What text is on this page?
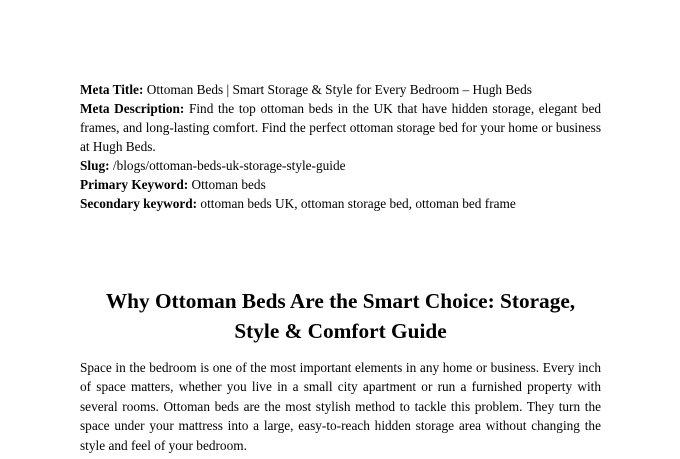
Meta Title: Ottoman Beds | Smart Storage & Style for Every Bedroom – Hugh Beds

Meta Description: Find the top ottoman beds in the UK that have hidden storage, elegant bed frames, and long-lasting comfort. Find the perfect ottoman storage bed for your home or business at Hugh Beds.

Slug: /blogs/ottoman-beds-uk-storage-style-guide

Primary Keyword: Ottoman beds

Secondary keyword: ottoman beds UK, ottoman storage bed, ottoman bed frame

Why Ottoman Beds Are the Smart Choice: Storage,
Style & Comfort Guide

Space in the bedroom is one of the most important elements in any home or business. Every inch of space matters, whether you live in a small city apartment or run a furnished property with several rooms. Ottoman beds are the most stylish method to tackle this problem. They turn the space under your mattress into a large, easy-to-reach hidden storage area without changing the style and feel of your bedroom.
